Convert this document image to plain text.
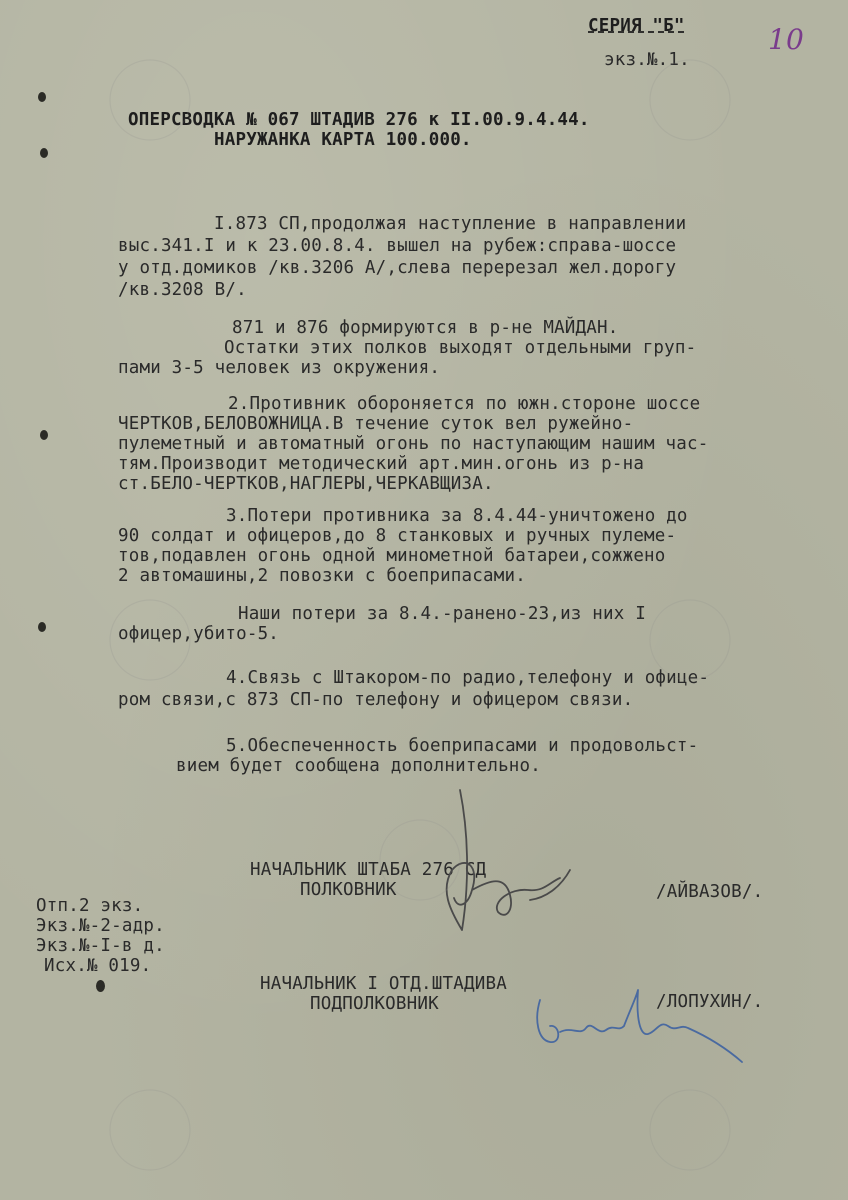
СЕРИЯ "Б"
экз.№.1.
10
ОПЕРСВОДКА № 067 ШТАДИВ 276 к II.00.9.4.44.
НАРУЖАНКА КАРТА 100.000.
I.873 СП,продолжая наступление в направлении
выс.341.I и к 23.00.8.4. вышел на рубеж:справа-шоссе
у отд.домиков /кв.3206 А/,слева перерезал жел.дорогу
/кв.3208 В/.
871 и 876 формируются в р-не МАЙДАН.
Остатки этих полков выходят отдельными груп-
пами 3-5 человек из окружения.
2.Противник обороняется по южн.стороне шоссе
ЧЕРТКОВ,БЕЛОВОЖНИЦА.В течение суток вел ружейно-
пулеметный и автоматный огонь по наступающим нашим час-
тям.Производит методический арт.мин.огонь из р-на
ст.БЕЛО-ЧЕРТКОВ,НАГЛЕРЫ,ЧЕРКАВЩИЗА.
3.Потери противника за 8.4.44-уничтожено до
90 солдат и офицеров,до 8 станковых и ручных пулеме-
тов,подавлен огонь одной минометной батареи,сожжено
2 автомашины,2 повозки с боеприпасами.
Наши потери за 8.4.-ранено-23,из них I
офицер,убито-5.
4.Связь с Штакором-по радио,телефону и офице-
ром связи,с 873 СП-по телефону и офицером связи.
5.Обеспеченность боеприпасами и продовольст-
вием будет сообщена дополнительно.
НАЧАЛЬНИК ШТАБА 276 СД
ПОЛКОВНИК	/АЙВАЗОВ/.
Отп.2 экз.
Экз.№-2-адр.
Экз.№-I-в д.
Исх.№ 019.
НАЧАЛЬНИК I ОТД.ШТАДИВА
ПОДПОЛКОВНИК	/ЛОПУХИН/.
